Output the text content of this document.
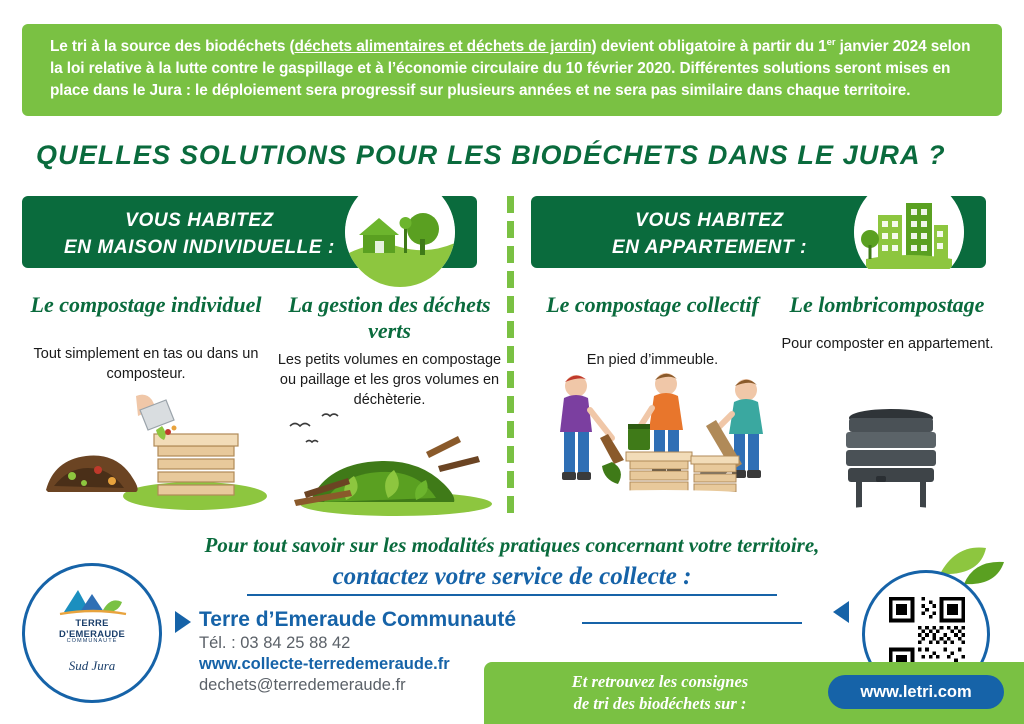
Le tri à la source des biodéchets (déchets alimentaires et déchets de jardin) devient obligatoire à partir du 1er janvier 2024 selon la loi relative à la lutte contre le gaspillage et à l’économie circulaire du 10 février 2020. Différentes solutions seront mises en place dans le Jura : le déploiement sera progressif sur plusieurs années et ne sera pas similaire dans chaque territoire.

QUELLES SOLUTIONS POUR LES BIODÉCHETS DANS LE JURA ?
VOUS HABITEZ
EN MAISON INDIVIDUELLE :
VOUS HABITEZ
EN APPARTEMENT :
Le compostage individuel
Tout simplement en tas ou dans un composteur.
La gestion des déchets verts
Les petits volumes en compostage ou paillage et les gros volumes en déchèterie.
Le compostage collectif
En pied d’immeuble.
Le lombricompostage
Pour composter en appartement.
Pour tout savoir sur les modalités pratiques concernant votre territoire,
contactez votre service de collecte :
Terre d’Emeraude Communauté
Tél. : 03 84 25 88 42
www.collecte-terredemeraude.fr
dechets@terredemeraude.fr
TERRE
D’EMERAUDE
COMMUNAUTÉ
Sud Jura
Et retrouvez les consignes
de tri des biodéchets sur :
www.letri.com
